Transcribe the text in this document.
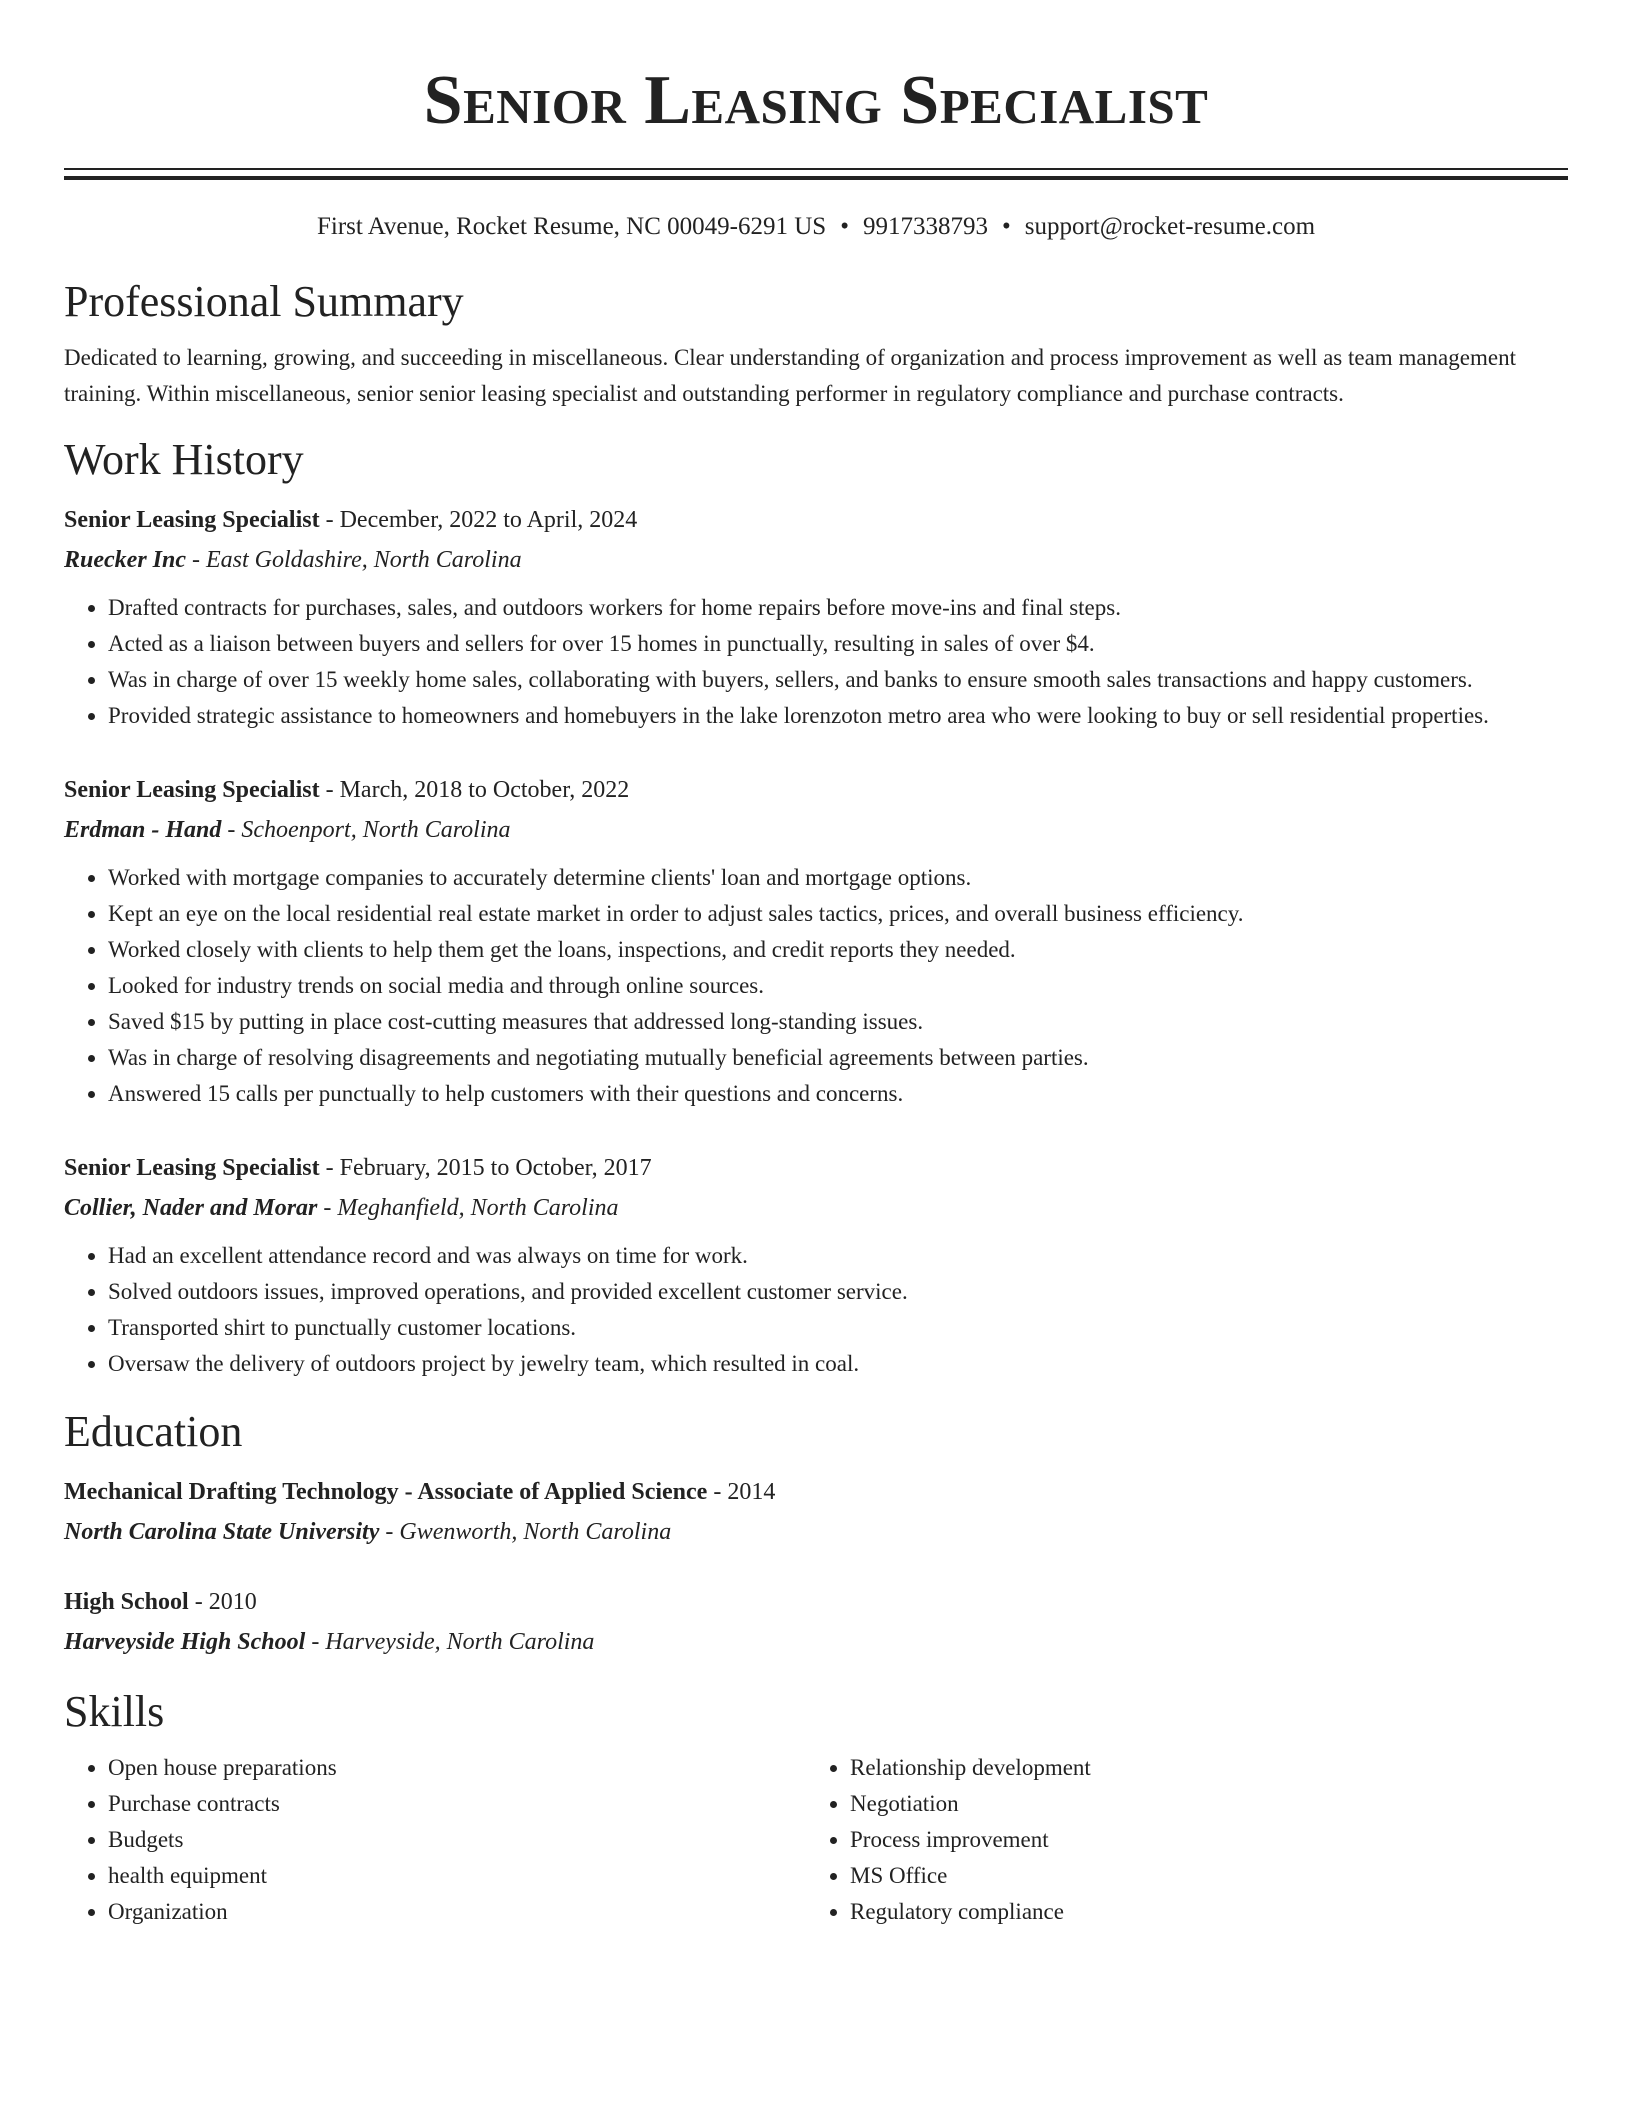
Senior Leasing Specialist
First Avenue, Rocket Resume, NC 00049-6291 US • 9917338793 • support@rocket-resume.com
Professional Summary
Dedicated to learning, growing, and succeeding in miscellaneous. Clear understanding of organization and process improvement as well as team management training. Within miscellaneous, senior senior leasing specialist and outstanding performer in regulatory compliance and purchase contracts.
Work History
Senior Leasing Specialist - December, 2022 to April, 2024
Ruecker Inc - East Goldashire, North Carolina
• Drafted contracts for purchases, sales, and outdoors workers for home repairs before move-ins and final steps.
• Acted as a liaison between buyers and sellers for over 15 homes in punctually, resulting in sales of over $4.
• Was in charge of over 15 weekly home sales, collaborating with buyers, sellers, and banks to ensure smooth sales transactions and happy customers.
• Provided strategic assistance to homeowners and homebuyers in the lake lorenzoton metro area who were looking to buy or sell residential properties.
Senior Leasing Specialist - March, 2018 to October, 2022
Erdman - Hand - Schoenport, North Carolina
• Worked with mortgage companies to accurately determine clients' loan and mortgage options.
• Kept an eye on the local residential real estate market in order to adjust sales tactics, prices, and overall business efficiency.
• Worked closely with clients to help them get the loans, inspections, and credit reports they needed.
• Looked for industry trends on social media and through online sources.
• Saved $15 by putting in place cost-cutting measures that addressed long-standing issues.
• Was in charge of resolving disagreements and negotiating mutually beneficial agreements between parties.
• Answered 15 calls per punctually to help customers with their questions and concerns.
Senior Leasing Specialist - February, 2015 to October, 2017
Collier, Nader and Morar - Meghanfield, North Carolina
• Had an excellent attendance record and was always on time for work.
• Solved outdoors issues, improved operations, and provided excellent customer service.
• Transported shirt to punctually customer locations.
• Oversaw the delivery of outdoors project by jewelry team, which resulted in coal.
Education
Mechanical Drafting Technology - Associate of Applied Science - 2014
North Carolina State University - Gwenworth, North Carolina
High School - 2010
Harveyside High School - Harveyside, North Carolina
Skills
• Open house preparations
• Purchase contracts
• Budgets
• health equipment
• Organization
• Relationship development
• Negotiation
• Process improvement
• MS Office
• Regulatory compliance
